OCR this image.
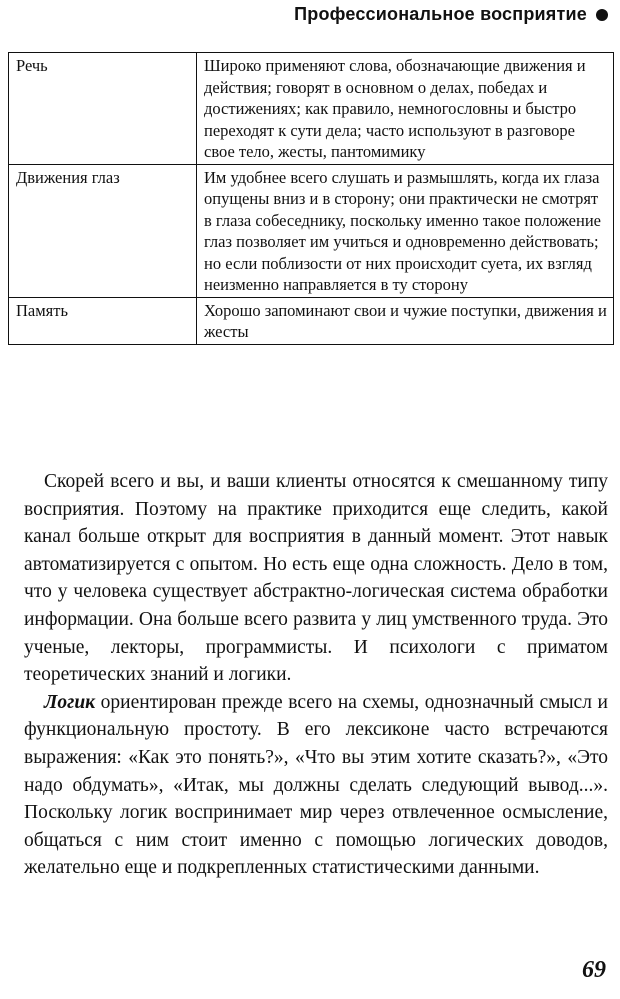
Профессиональное восприятие
Речь	Широко применяют слова, обозначающие движения и действия; говорят в основном о делах, победах и достижениях; как правило, немногословны и быстро переходят к сути дела; часто используют в разговоре свое тело, жесты, пантомимику
Движения глаз	Им удобнее всего слушать и размышлять, когда их глаза опущены вниз и в сторону; они практически не смотрят в глаза собеседнику, поскольку именно такое положение глаз позволяет им учиться и одновременно действовать; но если поблизости от них происходит суета, их взгляд неизменно направляется в ту сторону
Память	Хорошо запоминают свои и чужие поступки, движения и жесты

Скорей всего и вы, и ваши клиенты относятся к смешанному типу восприятия. Поэтому на практике приходится еще следить, какой канал больше открыт для восприятия в данный момент. Этот навык автоматизируется с опытом. Но есть еще одна сложность. Дело в том, что у человека существует абстрактно-логическая система обработки информации. Она больше всего развита у лиц умственного труда. Это ученые, лекторы, программисты. И психологи с приматом теоретических знаний и логики.

Логик ориентирован прежде всего на схемы, однозначный смысл и функциональную простоту. В его лексиконе часто встречаются выражения: «Как это понять?», «Что вы этим хотите сказать?», «Это надо обдумать», «Итак, мы должны сделать следующий вывод...». Поскольку логик воспринимает мир через отвлеченное осмысление, общаться с ним стоит именно с помощью логических доводов, желательно еще и подкрепленных статистическими данными.

69
